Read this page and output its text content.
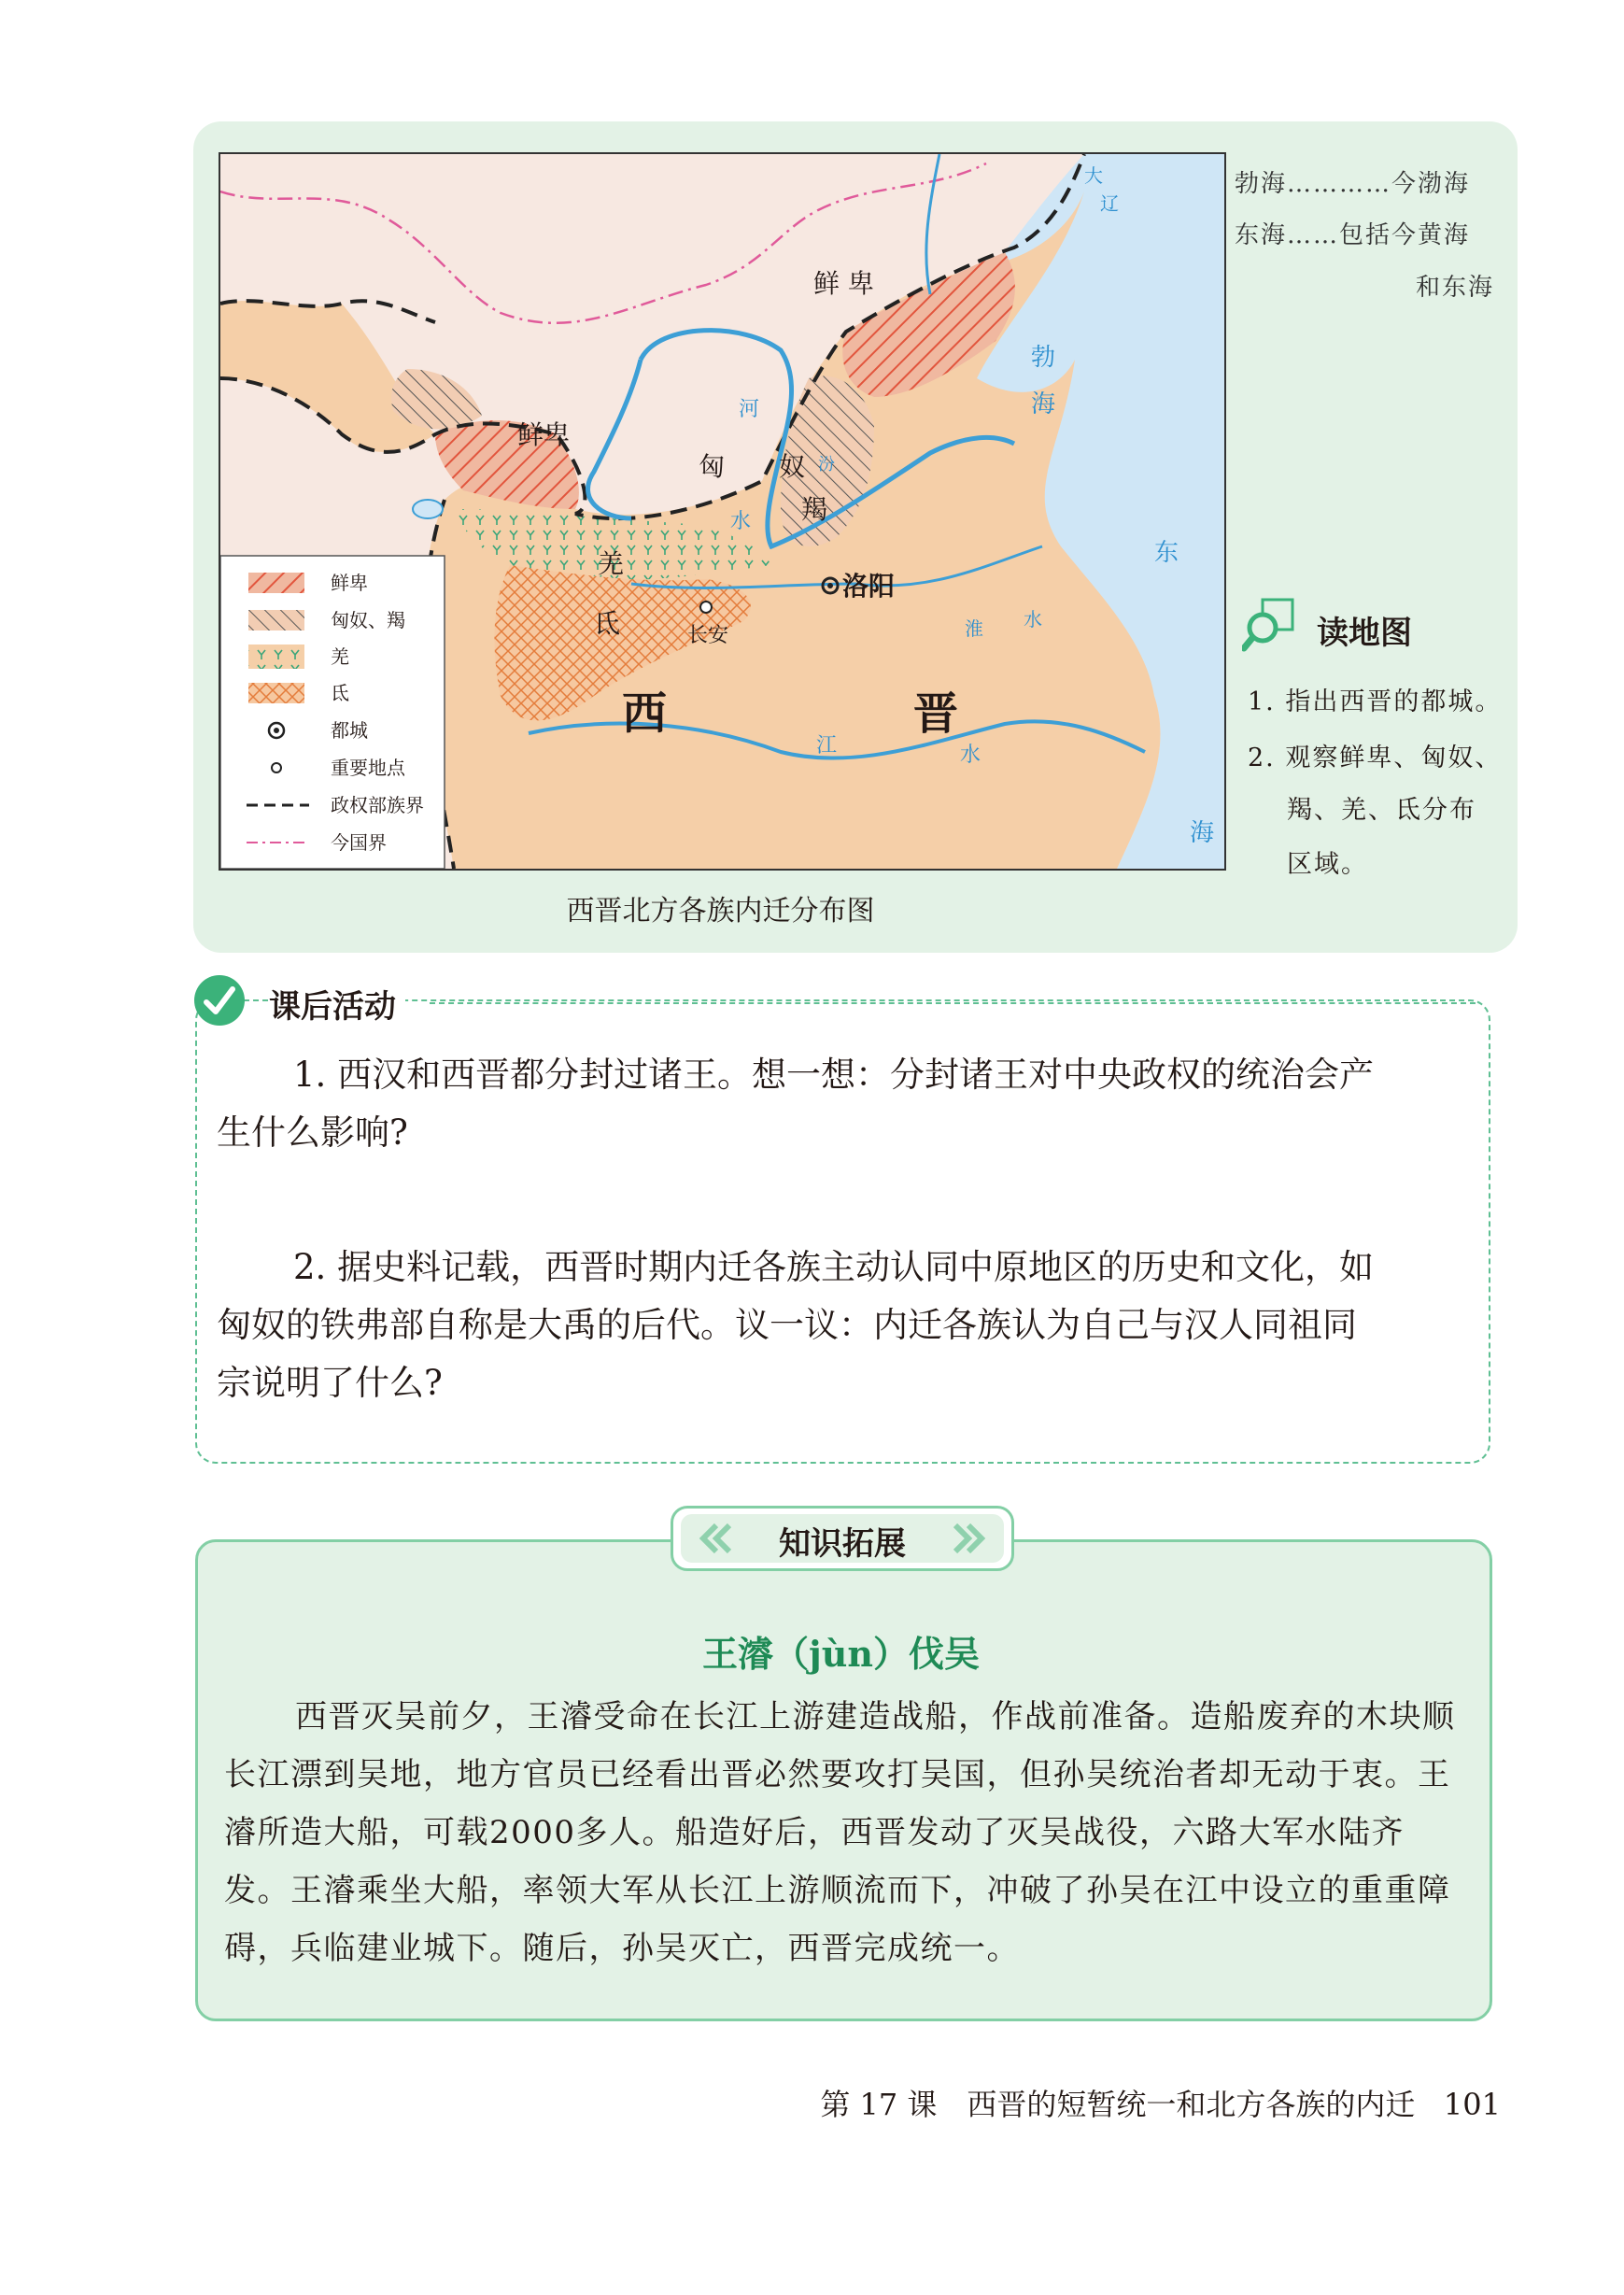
鲜 卑
鲜卑
匈 奴
羯
羌
氐
西	晋
洛阳
长安
勃
海
东
海
河
水
水
水
淮
江
大
辽
汾
鲜卑
匈奴、羯
羌
氐
都城
重要地点
政权部族界
今国界
西晋北方各族内迁分布图
勃海…………今渤海
东海……包括今黄海
和东海
读地图
1. 指出西晋的都城。
2. 观察鲜卑、匈奴、
羯、羌、氐分布
区域。
课后活动
1. 西汉和西晋都分封过诸王。想一想：分封诸王对中央政权的统治会产
生什么影响?
2. 据史料记载，西晋时期内迁各族主动认同中原地区的历史和文化，如
匈奴的铁弗部自称是大禹的后代。议一议：内迁各族认为自己与汉人同祖同
宗说明了什么?
知识拓展
王濬（jùn）伐吴
西晋灭吴前夕，王濬受命在长江上游建造战船，作战前准备。造船废弃的木块顺长江漂到吴地，地方官员已经看出晋必然要攻打吴国，但孙吴统治者却无动于衷。王濬所造大船，可载2000多人。船造好后，西晋发动了灭吴战役，六路大军水陆齐发。王濬乘坐大船，率领大军从长江上游顺流而下，冲破了孙吴在江中设立的重重障碍，兵临建业城下。随后，孙吴灭亡，西晋完成统一。
第 17 课　西晋的短暂统一和北方各族的内迁 101
